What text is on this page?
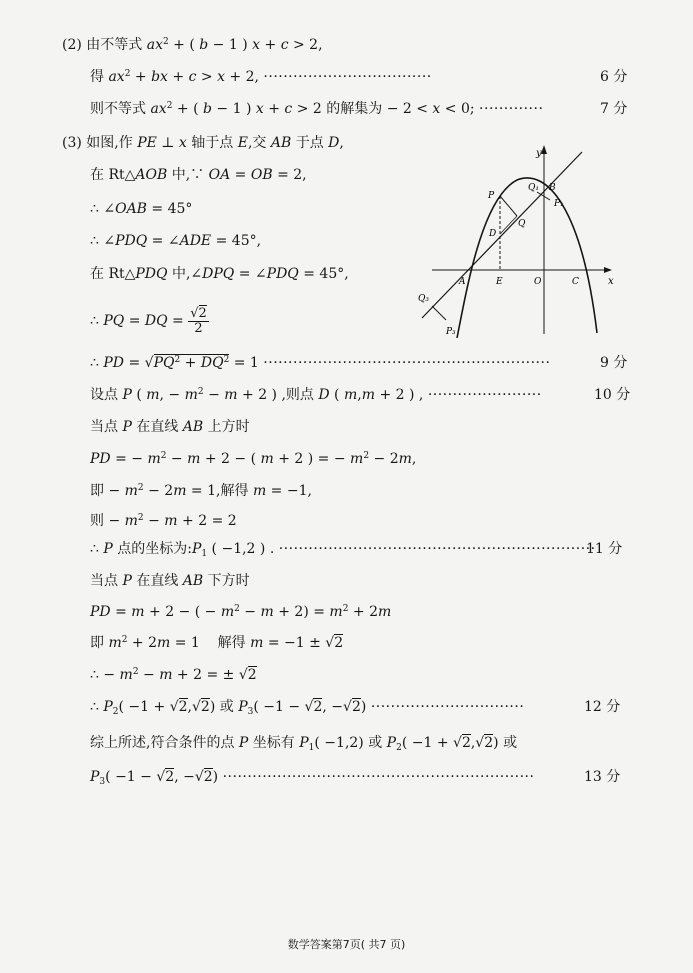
(2) 由不等式 $ax^2$ + ( b − 1 ) x + c > 2,
得 $ax^2$ + bx + c > x + 2, ··································	6 分
则不等式 $ax^2$ + ( b − 1 ) x + c > 2 的解集为 − 2 < x < 0; ·············	7 分
(3) 如图,作 PE ⊥ x 轴于点 E,交 AB 于点 D,
在 Rt△AOB 中,∵ OA = OB = 2,
∴ ∠OAB = 45°
∴ ∠PDQ = ∠ADE = 45°,
在 Rt△PDQ 中,∠DPQ = ∠PDQ = 45°,
∴ PQ = DQ = $\frac{√2}{2}$
∴ PD = $√PQ^2 + DQ^2 = 1$ ··························································	9 分
设点 P ( m, − $m^2 - m + 2$ ) ,则点 D ( m,m + 2 ) , ·······················	10 分
当点 P 在直线 AB 上方时
PD = − $m^2 - m + 2$ − ( m + 2 ) = − $m^2 - 2m$,
即 − $m^2 - 2m = 1$,解得 m = −1,
则 − $m^2 - m + 2 = 2$
∴ P 点的坐标为$:P_1$ ( −1,2 ) . ································································
11 分
当点 P 在直线 AB 下方时
PD = m + 2 − ( − $m^2 - m + 2) = m^2 + 2m$
即 $m^2 + 2m = 1$    解得 m = −1 ± √2
∴ − $m^2 - m + 2$ = ± √2
∴ $P_2( -1 + √2,√2)$ 或 $P_3( -1 - √2$, −√2) ·······························	12 分
综上所述,符合条件的点 P 坐标有 $P_1( -1,2)$ 或 $P_2( -1 + √2,√2)$ 或
$P_3( -1 - √2$, −√2) ·······························································	13 分
y
x
B
Q₁
P₁
P
D
Q
A	E	O	C
Q₃
P₃
数学答案第7页( 共7 页)
